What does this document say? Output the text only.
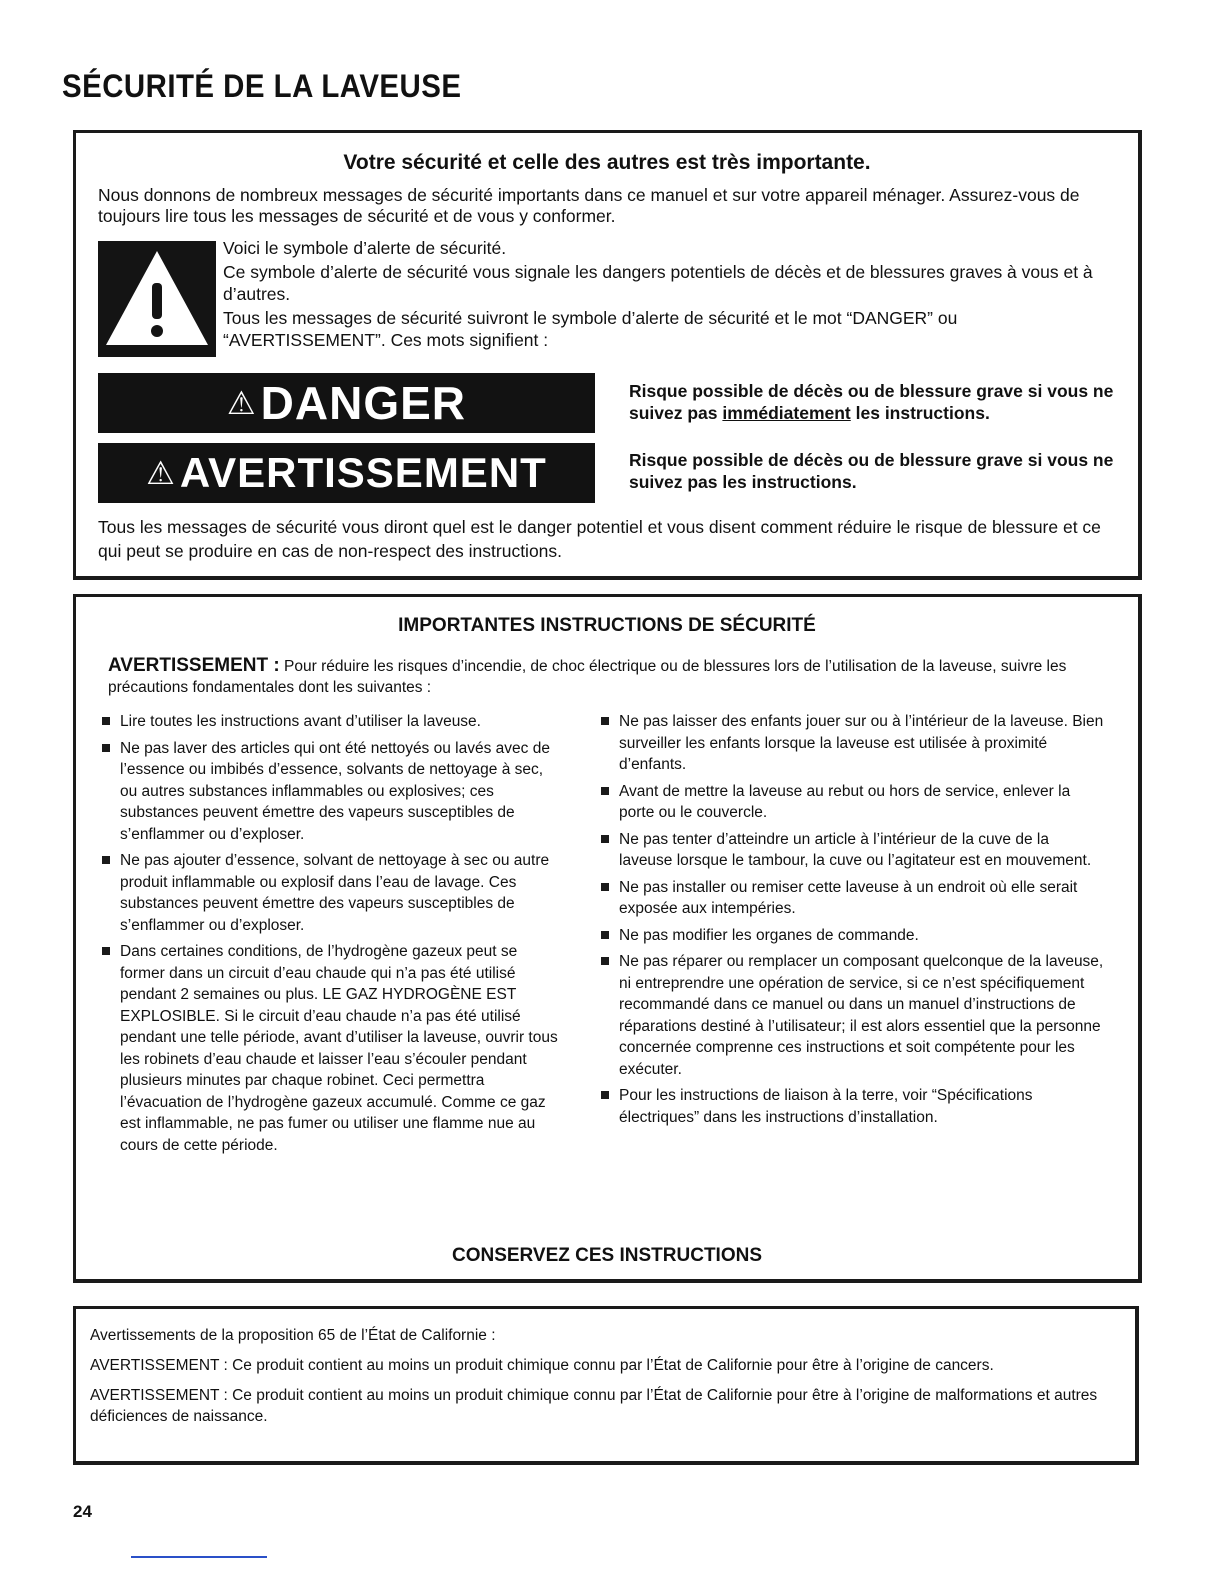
SÉCURITÉ DE LA LAVEUSE
Votre sécurité et celle des autres est très importante.

Nous donnons de nombreux messages de sécurité importants dans ce manuel et sur votre appareil ménager. Assurez-vous de toujours lire tous les messages de sécurité et de vous y conformer.

Voici le symbole d’alerte de sécurité.

Ce symbole d’alerte de sécurité vous signale les dangers potentiels de décès et de blessures graves à vous et à d’autres.

Tous les messages de sécurité suivront le symbole d’alerte de sécurité et le mot “DANGER” ou “AVERTISSEMENT”. Ces mots signifient :

⚠ DANGER	Risque possible de décès ou de blessure grave si vous ne suivez pas immédiatement les instructions.

⚠ AVERTISSEMENT	Risque possible de décès ou de blessure grave si vous ne suivez pas les instructions.

Tous les messages de sécurité vous diront quel est le danger potentiel et vous disent comment réduire le risque de blessure et ce qui peut se produire en cas de non-respect des instructions.

IMPORTANTES INSTRUCTIONS DE SÉCURITÉ

AVERTISSEMENT : Pour réduire les risques d’incendie, de choc électrique ou de blessures lors de l’utilisation de la laveuse, suivre les précautions fondamentales dont les suivantes :

Lire toutes les instructions avant d’utiliser la laveuse.
Ne pas laver des articles qui ont été nettoyés ou lavés avec de l’essence ou imbibés d’essence, solvants de nettoyage à sec, ou autres substances inflammables ou explosives; ces substances peuvent émettre des vapeurs susceptibles de s’enflammer ou d’exploser.
Ne pas ajouter d’essence, solvant de nettoyage à sec ou autre produit inflammable ou explosif dans l’eau de lavage. Ces substances peuvent émettre des vapeurs susceptibles de s’enflammer ou d’exploser.
Dans certaines conditions, de l’hydrogène gazeux peut se former dans un circuit d’eau chaude qui n’a pas été utilisé pendant 2 semaines ou plus. LE GAZ HYDROGÈNE EST EXPLOSIBLE. Si le circuit d’eau chaude n’a pas été utilisé pendant une telle période, avant d’utiliser la laveuse, ouvrir tous les robinets d’eau chaude et laisser l’eau s’écouler pendant plusieurs minutes par chaque robinet. Ceci permettra l’évacuation de l’hydrogène gazeux accumulé. Comme ce gaz est inflammable, ne pas fumer ou utiliser une flamme nue au cours de cette période.
Ne pas laisser des enfants jouer sur ou à l’intérieur de la laveuse. Bien surveiller les enfants lorsque la laveuse est utilisée à proximité d’enfants.
Avant de mettre la laveuse au rebut ou hors de service, enlever la porte ou le couvercle.
Ne pas tenter d’atteindre un article à l’intérieur de la cuve de la laveuse lorsque le tambour, la cuve ou l’agitateur est en mouvement.
Ne pas installer ou remiser cette laveuse à un endroit où elle serait exposée aux intempéries.
Ne pas modifier les organes de commande.
Ne pas réparer ou remplacer un composant quelconque de la laveuse, ni entreprendre une opération de service, si ce n’est spécifiquement recommandé dans ce manuel ou dans un manuel d’instructions de réparations destiné à l’utilisateur; il est alors essentiel que la personne concernée comprenne ces instructions et soit compétente pour les exécuter.
Pour les instructions de liaison à la terre, voir “Spécifications électriques” dans les instructions d’installation.
CONSERVEZ CES INSTRUCTIONS

Avertissements de la proposition 65 de l’État de Californie :

AVERTISSEMENT : Ce produit contient au moins un produit chimique connu par l’État de Californie pour être à l’origine de cancers.

AVERTISSEMENT : Ce produit contient au moins un produit chimique connu par l’État de Californie pour être à l’origine de malformations et autres déficiences de naissance.

24
